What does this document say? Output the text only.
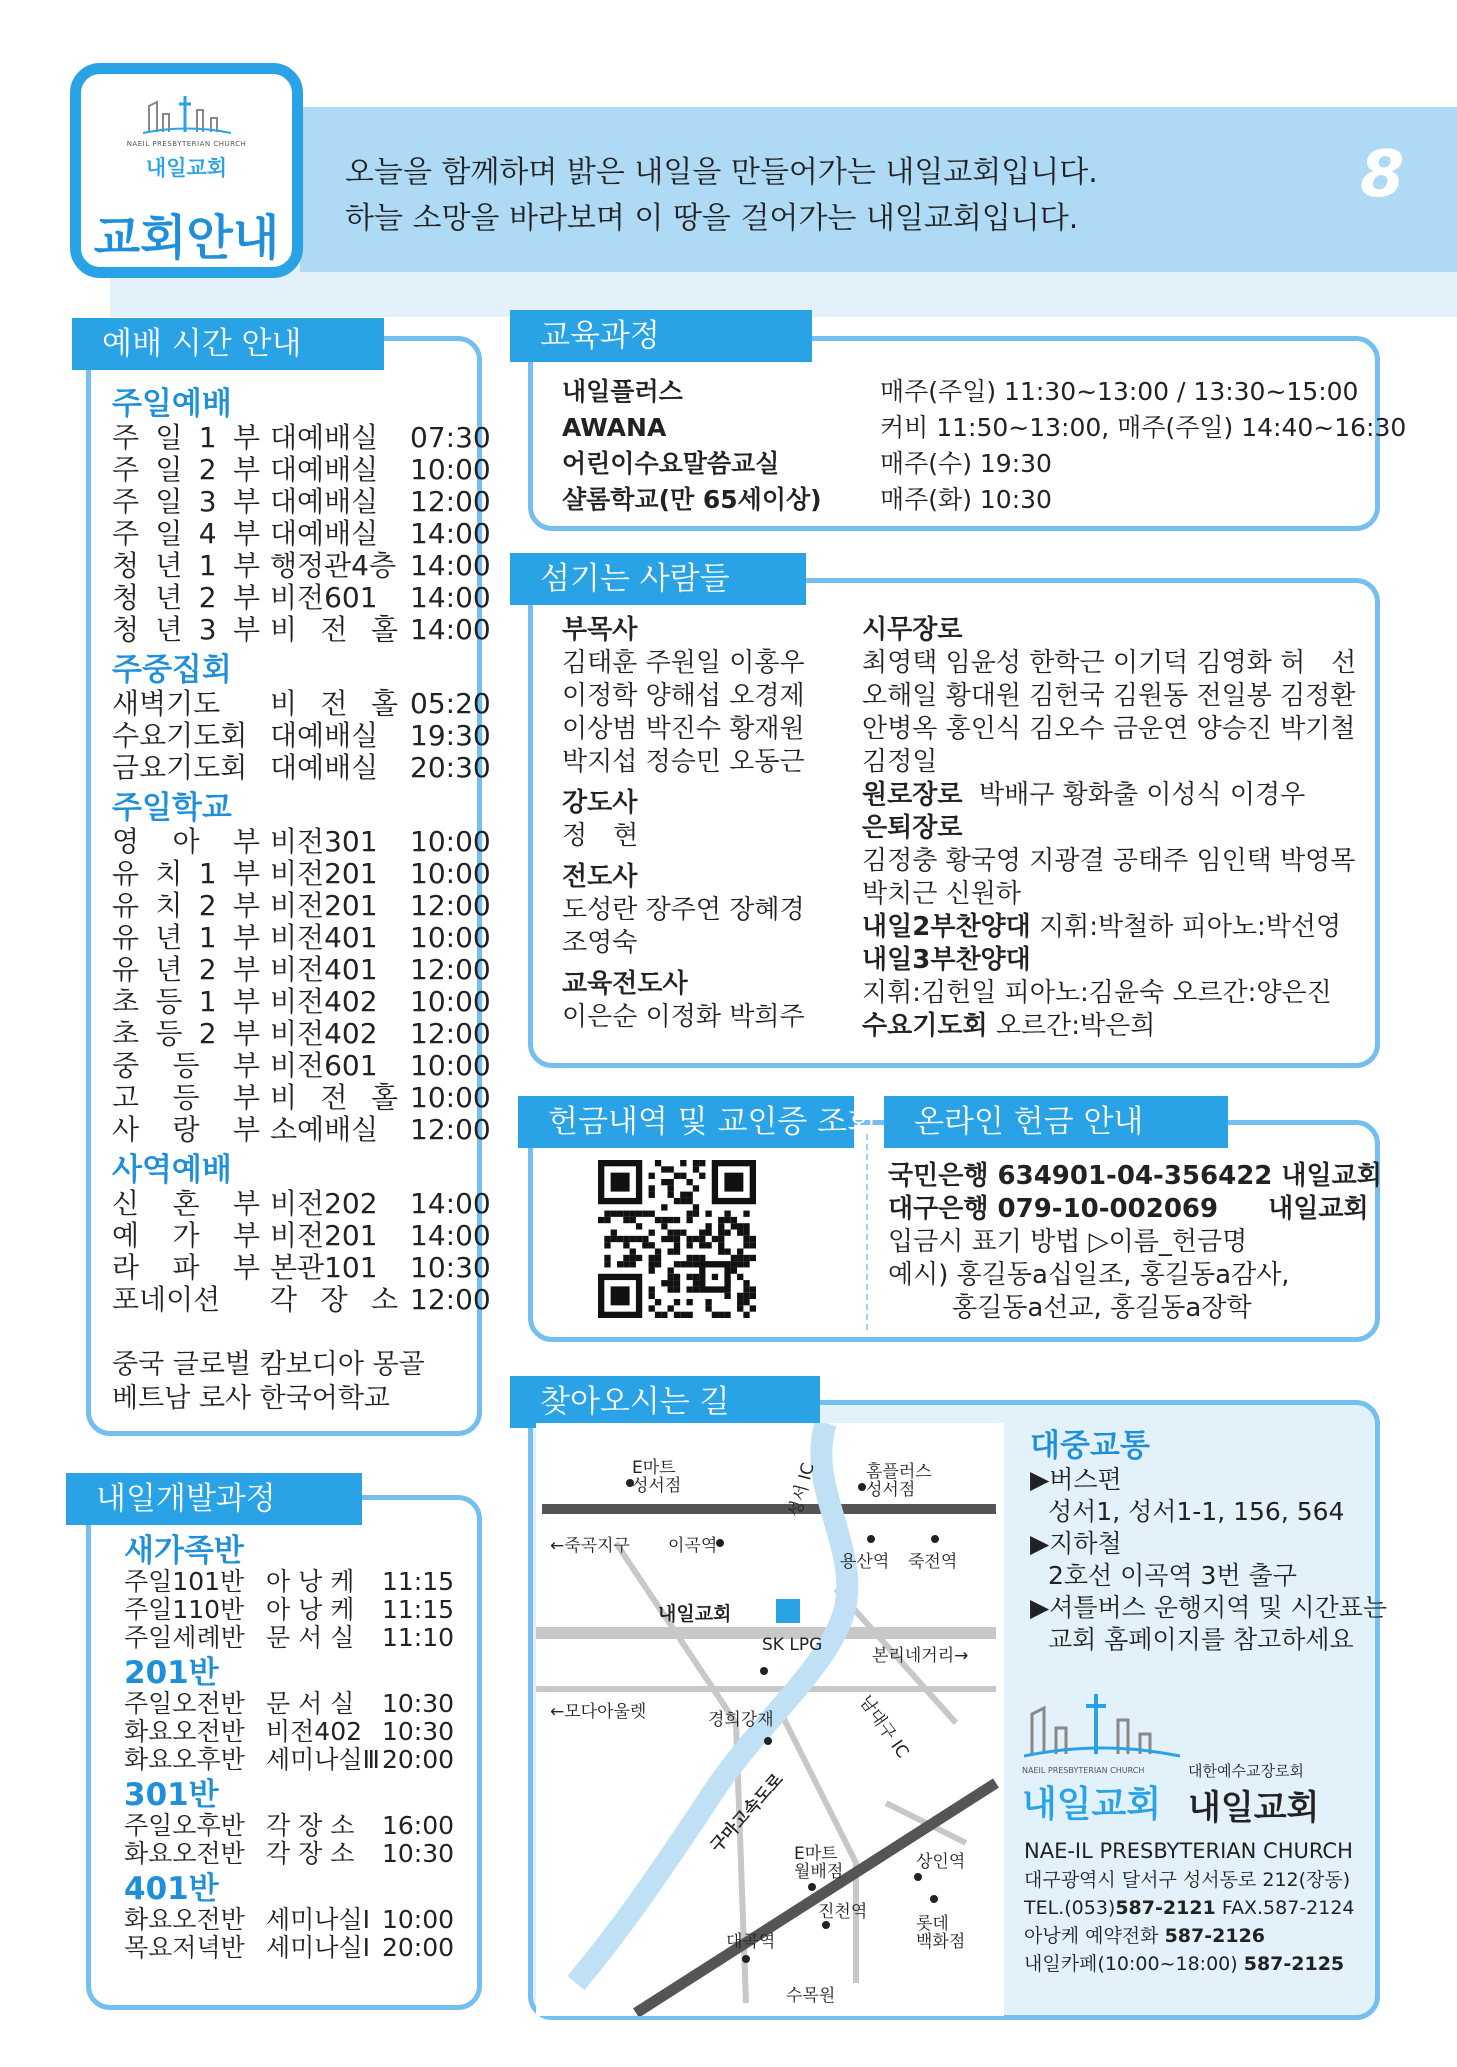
NAEIL PRESBYTERIAN CHURCH
내일교회
교회안내
오늘을 함께하며 밝은 내일을 만들어가는 내일교회입니다.
하늘 소망을 바라보며 이 땅을 걸어가는 내일교회입니다.
8
예배 시간 안내
주일예배
주 일 1 부 대예배실	07:30
주 일 2 부 대예배실	10:00
주 일 3 부 대예배실	12:00
주 일 4 부 대예배실	14:00
청 년 1 부 행정관4층 14:00
청 년 2 부 비전601	14:00
청 년 3 부 비 전 홀 14:00
주중집회
새벽기도	비 전 홀 05:20
수요기도회 대예배실	19:30
금요기도회 대예배실	20:30
주일학교
영 아 부 비전301	10:00
유 치 1 부 비전201	10:00
유 치 2 부 비전201	12:00
유 년 1 부 비전401	10:00
유 년 2 부 비전401	12:00
초 등 1 부 비전402	10:00
초 등 2 부 비전402	12:00
중 등 부 비전601	10:00
고 등 부 비 전 홀 10:00
사 랑 부 소예배실	12:00
사역예배
신 혼 부 비전202	14:00
예 가 부 비전201	14:00
라 파 부 본관101	10:30
포네이션	각 장 소 12:00
중국 글로벌 캄보디아 몽골
베트남 로사 한국어학교
내일개발과정
새가족반
주일101반 아 낭 케	11:15
주일110반 아 낭 케	11:15
주일세례반 문 서 실	11:10
201반
주일오전반 문 서 실	10:30
화요오전반 비전402 10:30
화요오후반 세미나실Ⅲ 20:00
301반
주일오후반 각 장 소	16:00
화요오전반 각 장 소	10:30
401반
화요오전반 세미나실Ⅰ 10:00
목요저녁반 세미나실Ⅰ 20:00
교육과정
내일플러스	매주(주일) 11:30~13:00 / 13:30~15:00
AWANA	커비 11:50~13:00, 매주(주일) 14:40~16:30
어린이수요말씀교실	매주(수) 19:30
샬롬학교(만 65세이상)	매주(화) 10:30
섬기는 사람들
부목사
김태훈 주원일 이홍우
이정학 양해섭 오경제
이상범 박진수 황재원
박지섭 정승민 오동근
강도사
정　현
전도사
도성란 장주연 장혜경
조영숙
교육전도사
이은순 이정화 박희주
시무장로
최영택 임윤성 한학근 이기덕 김영화 허　선
오해일 황대원 김헌국 김원동 전일봉 김정환
안병옥 홍인식 김오수 금운연 양승진 박기철
김정일
원로장로 박배구 황화출 이성식 이경우
은퇴장로
김정충 황국영 지광결 공태주 임인택 박영목
박치근 신원하
내일2부찬양대 지휘:박철하 피아노:박선영
내일3부찬양대
지휘:김헌일 피아노:김윤숙 오르간:양은진
수요기도회 오르간:박은희
헌금내역 및 교인증 조회	온라인 헌금 안내
국민은행 634901-04-356422 내일교회
대구은행 079-10-002069 내일교회
입금시 표기 방법 ▷이름_헌금명
예시) 홍길동a십일조, 홍길동a감사,
홍길동a선교, 홍길동a장학
찾아오시는 길
E마트
성서점	성서 IC	홈플러스
성서점
←죽곡지구 이곡역
용산역 죽전역
내일교회
SK LPG
본리네거리→
←모다아울렛	경희강재	남대구 IC
구마고속도로 E마트
월배점	상인역
진천역
롯데
백화점
대곡역
수목원
대중교통
▶버스편
성서1, 성서1-1, 156, 564
▶지하철
2호선 이곡역 3번 출구
▶셔틀버스 운행지역 및 시간표는
교회 홈페이지를 참고하세요
NAEIL PRESBYTERIAN CHURCH
내일교회
대한예수교장로회
내일교회
NAE-IL PRESBYTERIAN CHURCH
대구광역시 달서구 성서동로 212(장동)
TEL.(053)587-2121 FAX.587-2124
아낭케 예약전화 587-2126
내일카페(10:00~18:00) 587-2125
